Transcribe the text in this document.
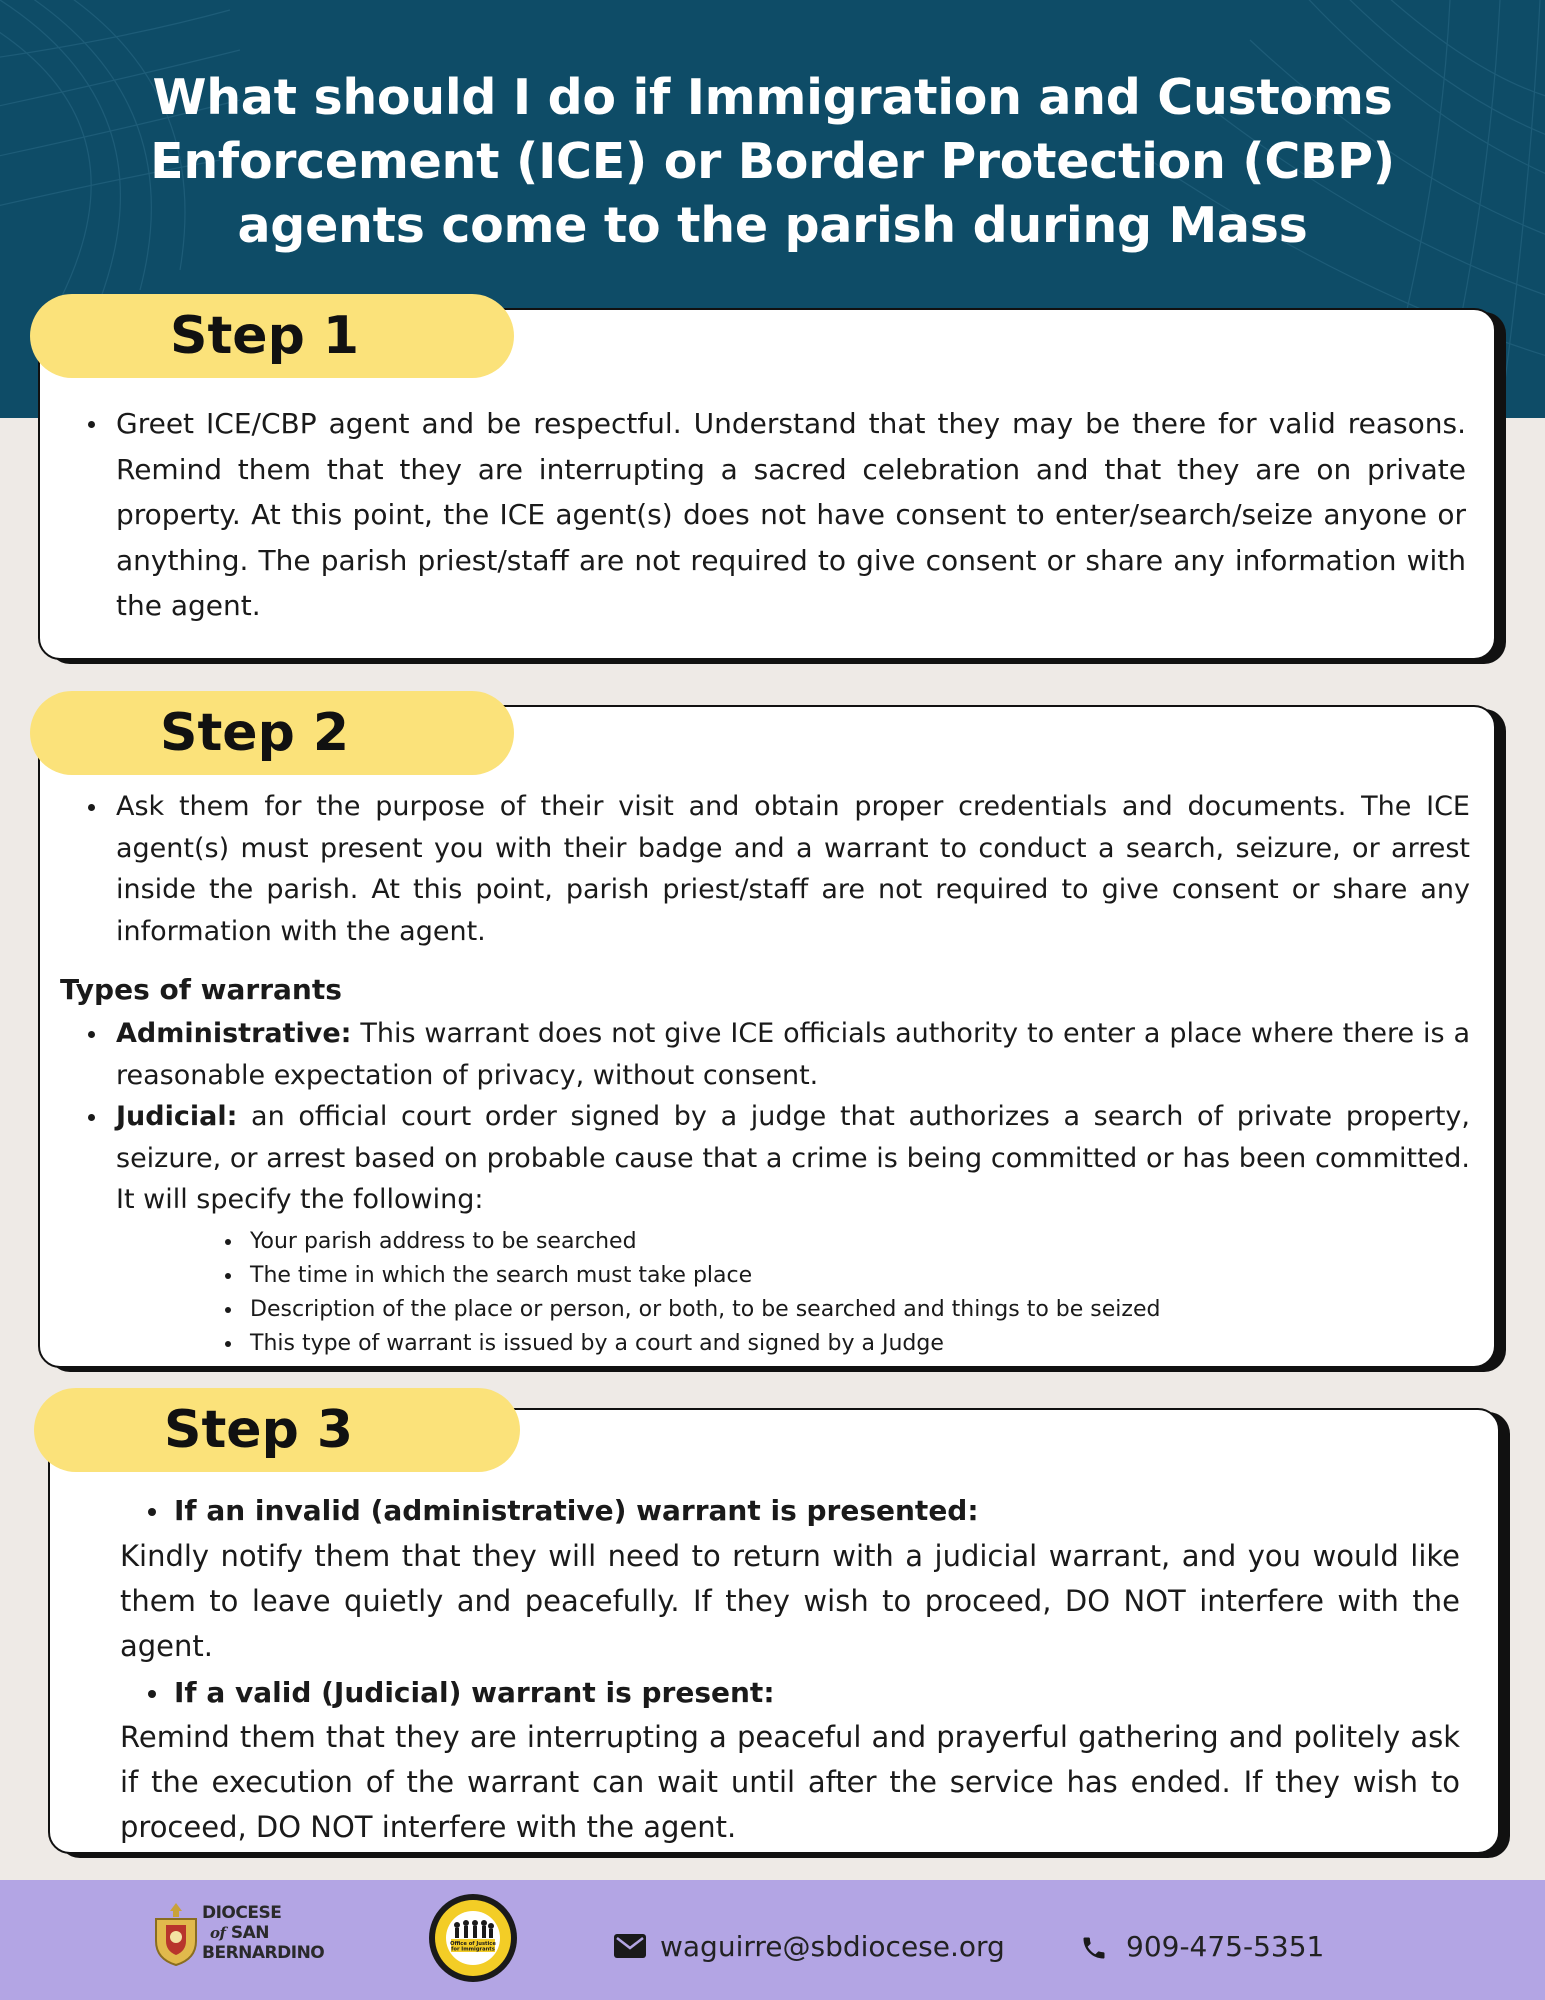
What should I do if Immigration and Customs
Enforcement (ICE) or Border Protection (CBP)
agents come to the parish during Mass
Step 1
Greet ICE/CBP agent and be respectful. Understand that they may be there for valid reasons. Remind them that they are interrupting a sacred celebration and that they are on private property. At this point, the ICE agent(s) does not have consent to enter/search/seize anyone or anything. The parish priest/staff are not required to give consent or share any information with the agent.
Step 2
Ask them for the purpose of their visit and obtain proper credentials and documents. The ICE agent(s) must present you with their badge and a warrant to conduct a search, seizure, or arrest inside the parish. At this point, parish priest/staff are not required to give consent or share any information with the agent.
Types of warrants
Administrative: This warrant does not give ICE officials authority to enter a place where there is a reasonable expectation of privacy, without consent.
Judicial: an official court order signed by a judge that authorizes a search of private property, seizure, or arrest based on probable cause that a crime is being committed or has been committed. It will specify the following:
Your parish address to be searched
The time in which the search must take place
Description of the place or person, or both, to be searched and things to be seized
This type of warrant is issued by a court and signed by a Judge
Step 3
If an invalid (administrative) warrant is presented:
Kindly notify them that they will need to return with a judicial warrant, and you would like them to leave quietly and peacefully. If they wish to proceed, DO NOT interfere with the agent.
If a valid (Judicial) warrant is present:
Remind them that they are interrupting a peaceful and prayerful gathering and politely ask if the execution of the warrant can wait until after the service has ended. If they wish to proceed, DO NOT interfere with the agent.
DIOCESE
of SAN
BERNARDINO	Office of Justice
for Immigrants	waguirre@sbdiocese.org	909-475-5351
